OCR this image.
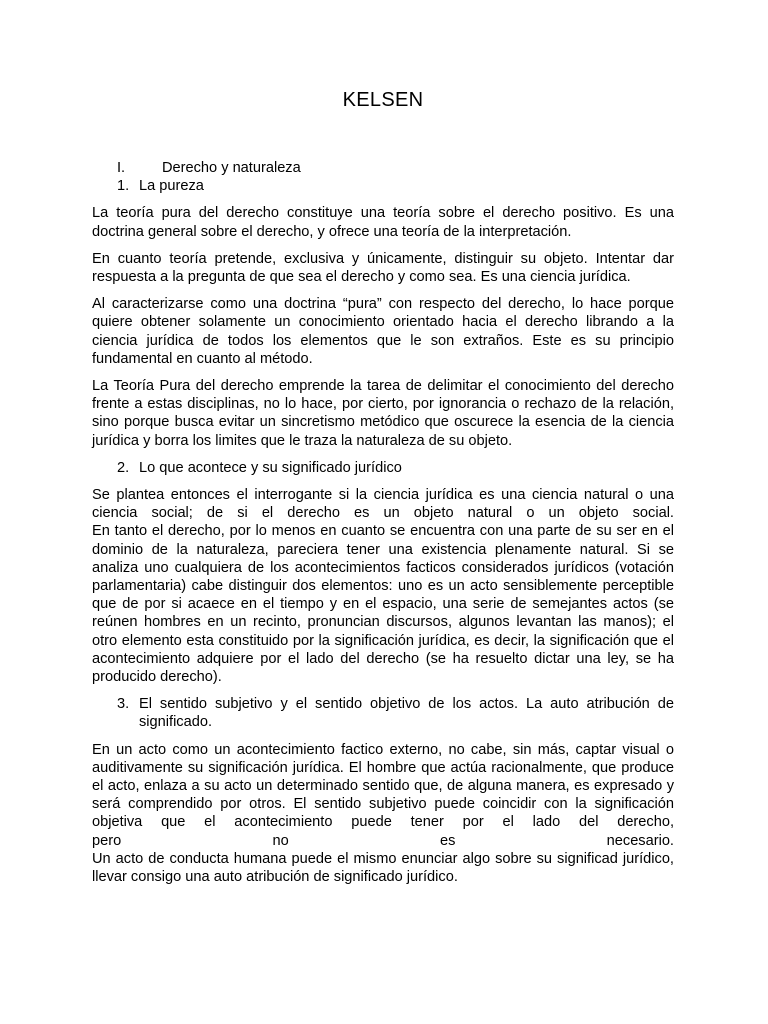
KELSEN
I.	Derecho y naturaleza
1. La pureza

La teoría pura del derecho constituye una teoría sobre el derecho positivo. Es una doctrina general sobre el derecho, y ofrece una teoría de la interpretación.

En cuanto teoría pretende, exclusiva y únicamente, distinguir su objeto. Intentar dar respuesta a la pregunta de que sea el derecho y como sea. Es una ciencia jurídica.

Al caracterizarse como una doctrina “pura” con respecto del derecho, lo hace porque quiere obtener solamente un conocimiento orientado hacia el derecho librando a la ciencia jurídica de todos los elementos que le son extraños. Este es su principio fundamental en cuanto al método.

La Teoría Pura del derecho emprende la tarea de delimitar el conocimiento del derecho frente a estas disciplinas, no lo hace, por cierto, por ignorancia o rechazo de la relación, sino porque busca evitar un sincretismo metódico que oscurece la esencia de la ciencia jurídica y borra los limites que le traza la naturaleza de su objeto.

2. Lo que acontece y su significado jurídico

Se plantea entonces el interrogante si la ciencia jurídica es una ciencia natural o una ciencia social; de si el derecho es un objeto natural o un objeto social.
En tanto el derecho, por lo menos en cuanto se encuentra con una parte de su ser en el dominio de la naturaleza, pareciera tener una existencia plenamente natural. Si se analiza uno cualquiera de los acontecimientos facticos considerados jurídicos (votación parlamentaria) cabe distinguir dos elementos: uno es un acto sensiblemente perceptible que de por si acaece en el tiempo y en el espacio, una serie de semejantes actos (se reúnen hombres en un recinto, pronuncian discursos, algunos levantan las manos); el otro elemento esta constituido por la significación jurídica, es decir, la significación que el acontecimiento adquiere por el lado del derecho (se ha resuelto dictar una ley, se ha producido derecho).

3. El sentido subjetivo y el sentido objetivo de los actos. La auto atribución de significado.

En un acto como un acontecimiento factico externo, no cabe, sin más, captar visual o auditivamente su significación jurídica. El hombre que actúa racionalmente, que produce el acto, enlaza a su acto un determinado sentido que, de alguna manera, es expresado y será comprendido por otros. El sentido subjetivo puede coincidir con la significación objetiva que el acontecimiento puede tener por el lado del derecho,
pero no es necesario.
Un acto de conducta humana puede el mismo enunciar algo sobre su significad jurídico, llevar consigo una auto atribución de significado jurídico.
